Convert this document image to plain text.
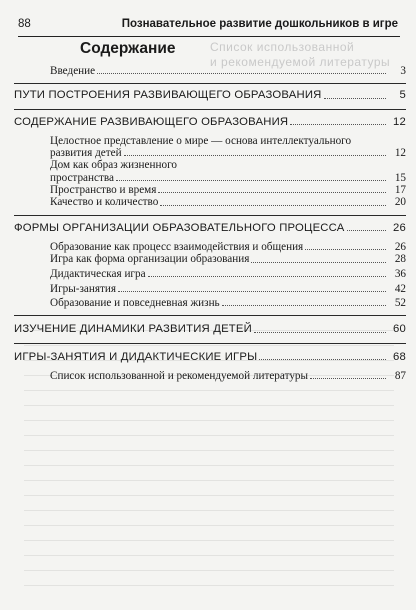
88	Познавательное развитие дошкольников в игре
Список использованной
и рекомендуемой литературы
Содержание
Введение	3
ПУТИ ПОСТРОЕНИЯ РАЗВИВАЮЩЕГО ОБРАЗОВАНИЯ	5
СОДЕРЖАНИЕ РАЗВИВАЮЩЕГО ОБРАЗОВАНИЯ	12
Целостное представление о мире — основа интеллектуального
развития детей	12
Дом как образ жизненного
пространства	15
Пространство и время	17
Качество и количество	20
ФОРМЫ ОРГАНИЗАЦИИ ОБРАЗОВАТЕЛЬНОГО ПРОЦЕССА	26
Образование как процесс взаимодействия и общения	26
Игра как форма организации образования	28
Дидактическая игра	36
Игры-занятия	42
Образование и повседневная жизнь	52
ИЗУЧЕНИЕ ДИНАМИКИ РАЗВИТИЯ ДЕТЕЙ	60
ИГРЫ-ЗАНЯТИЯ И ДИДАКТИЧЕСКИЕ ИГРЫ	68
Список использованной и рекомендуемой литературы	87
